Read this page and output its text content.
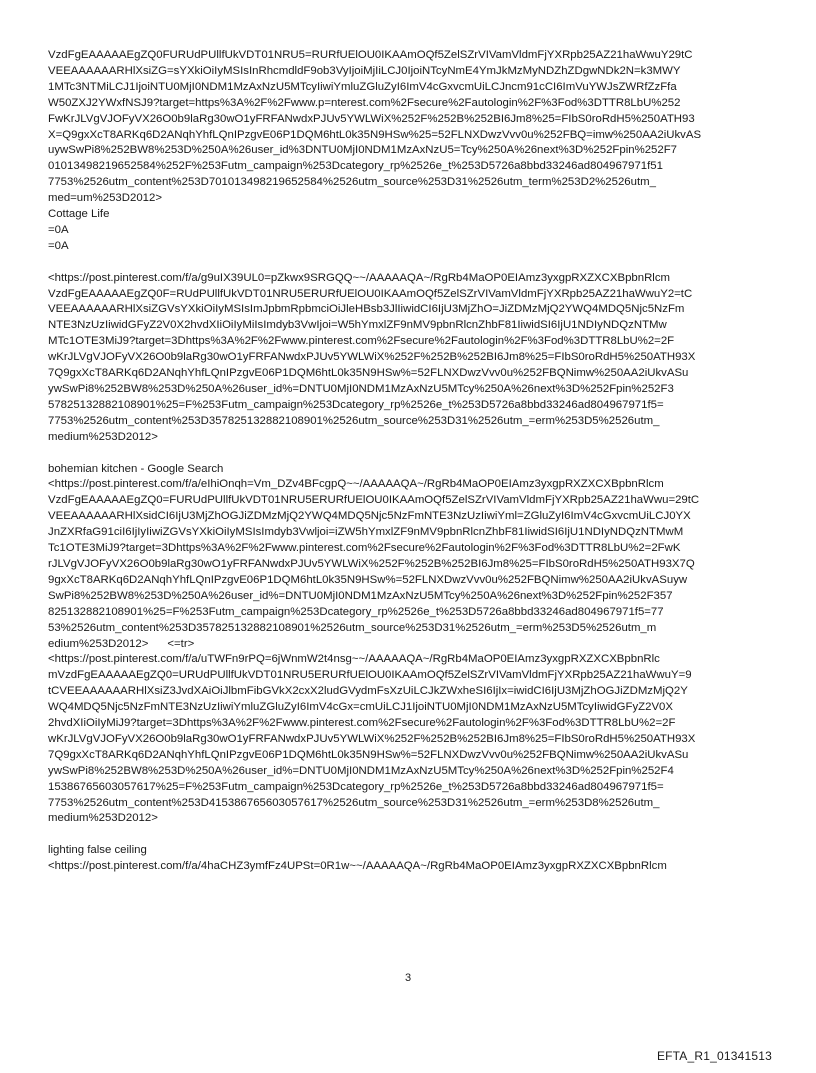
VzdFgEAAAAAEgZQ0FURUdPUllfUkVDT01NRU5=RURfUElOU0IKAAmOQf5ZelSZrVIVamVldmFjYXRpb25AZ21haWwuY29tC
VEEAAAAAARHlXsiZG=sYXkiOiIyMSIsInRhcmdldF9ob3VyIjoiMjIiLCJ0IjoiNTcyNmE4YmJkMzMyNDZhZDgwNDk2N=k3MWY
1MTc3NTMiLCJ1IjoiNTU0MjI0NDM1MzAxNzU5MTcyIiwiYmluZGluZyI6ImV4cGxvcmUiLCJncm91cCI6ImVuYWJsZWRfZzFfa
W50ZXJ2YWxfNSJ9?target=https%3A%2F%2Fwww.p=nterest.com%2Fsecure%2Fautologin%2F%3Fod%3DTTR8LbU%252
FwKrJLVgVJOFyVX26O0b9laRg30wO1yFRFANwdxPJUv5YWLWiX%252F%252B%252BI6Jm8%25=FIbS0roRdH5%250ATH93
X=Q9gxXcT8ARKq6D2ANqhYhfLQnIPzgvE06P1DQM6htL0k35N9HSw%25=52FLNXDwzVvv0u%252FBQ=imw%250AA2iUkvAS
uywSwPi8%252BW8%253D%250A%26user_id%3DNTU0MjI0NDM1MzAxNzU5=Tcy%250A%26next%3D%252Fpin%252F7
01013498219652584%252F%253Futm_campaign%253Dcategory_rp%2526e_t%253D5726a8bbd33246ad804967971f51
7753%2526utm_content%253D701013498219652584%2526utm_source%253D31%2526utm_term%253D2%2526utm_
med=um%253D2012>
Cottage Life
=0A
=0A
<https://post.pinterest.com/f/a/g9uIX39UL0=pZkwx9SRGQQ~~/AAAAAQA~/RgRb4MaOP0EIAmz3yxgpRXZXCXBpbnRlcm
VzdFgEAAAAAEgZQ0F=RUdPUllfUkVDT01NRU5ERURfUElOU0IKAAmOQf5ZelSZrVIVamVldmFjYXRpb25AZ21haWwuY2=tC
VEEAAAAAARHlXsiZGVsYXkiOiIyMSIsImJpbmRpbmciOiJleHBsb3JlIiwidCI6IjU3MjZhO=JiZDMzMjQ2YWQ4MDQ5Njc5NzFm
NTE3NzUzIiwidGFyZ2V0X2hvdXIiOiIyMiIsImdyb3VwIjoi=W5hYmxlZF9nMV9pbnRlcnZhbF81IiwidSI6IjU1NDIyNDQzNTMw
MTc1OTE3MiJ9?target=3Dhttps%3A%2F%2Fwww.pinterest.com%2Fsecure%2Fautologin%2F%3Fod%3DTTR8LbU%2=2F
wKrJLVgVJOFyVX26O0b9laRg30wO1yFRFANwdxPJUv5YWLWiX%252F%252B%252BI6Jm8%25=FIbS0roRdH5%250ATH93X
7Q9gxXcT8ARKq6D2ANqhYhfLQnIPzgvE06P1DQM6htL0k35N9HSw%=52FLNXDwzVvv0u%252FBQNimw%250AA2iUkvASu
ywSwPi8%252BW8%253D%250A%26user_id%=DNTU0MjI0NDM1MzAxNzU5MTcy%250A%26next%3D%252Fpin%252F3
57825132882108901%25=F%253Futm_campaign%253Dcategory_rp%2526e_t%253D5726a8bbd33246ad804967971f5=
7753%2526utm_content%253D357825132882108901%2526utm_source%253D31%2526utm_=erm%253D5%2526utm_
medium%253D2012>
bohemian kitchen - Google Search
<https://post.pinterest.com/f/a/eIhiOnqh=Vm_DZv4BFcgpQ~~/AAAAAQA~/RgRb4MaOP0EIAmz3yxgpRXZXCXBpbnRlcm
VzdFgEAAAAAEgZQ0=FURUdPUllfUkVDT01NRU5ERURfUElOU0IKAAmOQf5ZelSZrVIVamVldmFjYXRpb25AZ21haWwu=29tC
VEEAAAAAARHlXsidCI6IjU3MjZhOGJiZDMzMjQ2YWQ4MDQ5Njc5NzFmNTE3NzUzIiwiYml=ZGluZyI6ImV4cGxvcmUiLCJ0YX
JnZXRfaG91ciI6IjIyIiwiZGVsYXkiOiIyMSIsImdyb3Vwljoi=iZW5hYmxlZF9nMV9pbnRlcnZhbF81IiwidSI6IjU1NDIyNDQzNTMwM
Tc1OTE3MiJ9?target=3Dhttps%3A%2F%2Fwww.pinterest.com%2Fsecure%2Fautologin%2F%3Fod%3DTTR8LbU%2=2FwK
rJLVgVJOFyVX26O0b9laRg30wO1yFRFANwdxPJUv5YWLWiX%252F%252B%252BI6Jm8%25=FIbS0roRdH5%250ATH93X7Q
9gxXcT8ARKq6D2ANqhYhfLQnIPzgvE06P1DQM6htL0k35N9HSw%=52FLNXDwzVvv0u%252FBQNimw%250AA2iUkvASuyw
SwPi8%252BW8%253D%250A%26user_id%=DNTU0MjI0NDM1MzAxNzU5MTcy%250A%26next%3D%252Fpin%252F357
825132882108901%25=F%253Futm_campaign%253Dcategory_rp%2526e_t%253D5726a8bbd33246ad804967971f5=77
53%2526utm_content%253D357825132882108901%2526utm_source%253D31%2526utm_=erm%253D5%2526utm_m
edium%253D2012>      <=tr>
<https://post.pinterest.com/f/a/uTWFn9rPQ=6jWnmW2t4nsg~~/AAAAAQA~/RgRb4MaOP0EIAmz3yxgpRXZXCXBpbnRlc
mVzdFgEAAAAAEgZQ0=URUdPUllfUkVDT01NRU5ERURfUElOU0IKAAmOQf5ZelSZrVIVamVldmFjYXRpb25AZ21haWwuY=9
tCVEEAAAAAARHlXsiZ3JvdXAiOiJlbmFibGVkX2cxX2ludGVydmFsXzUiLCJkZWxheSI6IjIx=iwidCI6IjU3MjZhOGJiZDMzMjQ2Y
WQ4MDQ5Njc5NzFmNTE3NzUzIiwiYmluZGluZyI6ImV4cGx=cmUiLCJ1IjoiNTU0MjI0NDM1MzAxNzU5MTcyIiwidGFyZ2V0X
2hvdXIiOiIyMiJ9?target=3Dhttps%3A%2F%2Fwww.pinterest.com%2Fsecure%2Fautologin%2F%3Fod%3DTTR8LbU%2=2F
wKrJLVgVJOFyVX26O0b9laRg30wO1yFRFANwdxPJUv5YWLWiX%252F%252B%252BI6Jm8%25=FIbS0roRdH5%250ATH93X
7Q9gxXcT8ARKq6D2ANqhYhfLQnIPzgvE06P1DQM6htL0k35N9HSw%=52FLNXDwzVvv0u%252FBQNimw%250AA2iUkvASu
ywSwPi8%252BW8%253D%250A%26user_id%=DNTU0MjI0NDM1MzAxNzU5MTcy%250A%26next%3D%252Fpin%252F4
15386765603057617%25=F%253Futm_campaign%253Dcategory_rp%2526e_t%253D5726a8bbd33246ad804967971f5=
7753%2526utm_content%253D415386765603057617%2526utm_source%253D31%2526utm_=erm%253D8%2526utm_
medium%253D2012>
lighting false ceiling
<https://post.pinterest.com/f/a/4haCHZ3ymfFz4UPSt=0R1w~~/AAAAAQA~/RgRb4MaOP0EIAmz3yxgpRXZXCXBpbnRlcm
3
EFTA_R1_01341513
